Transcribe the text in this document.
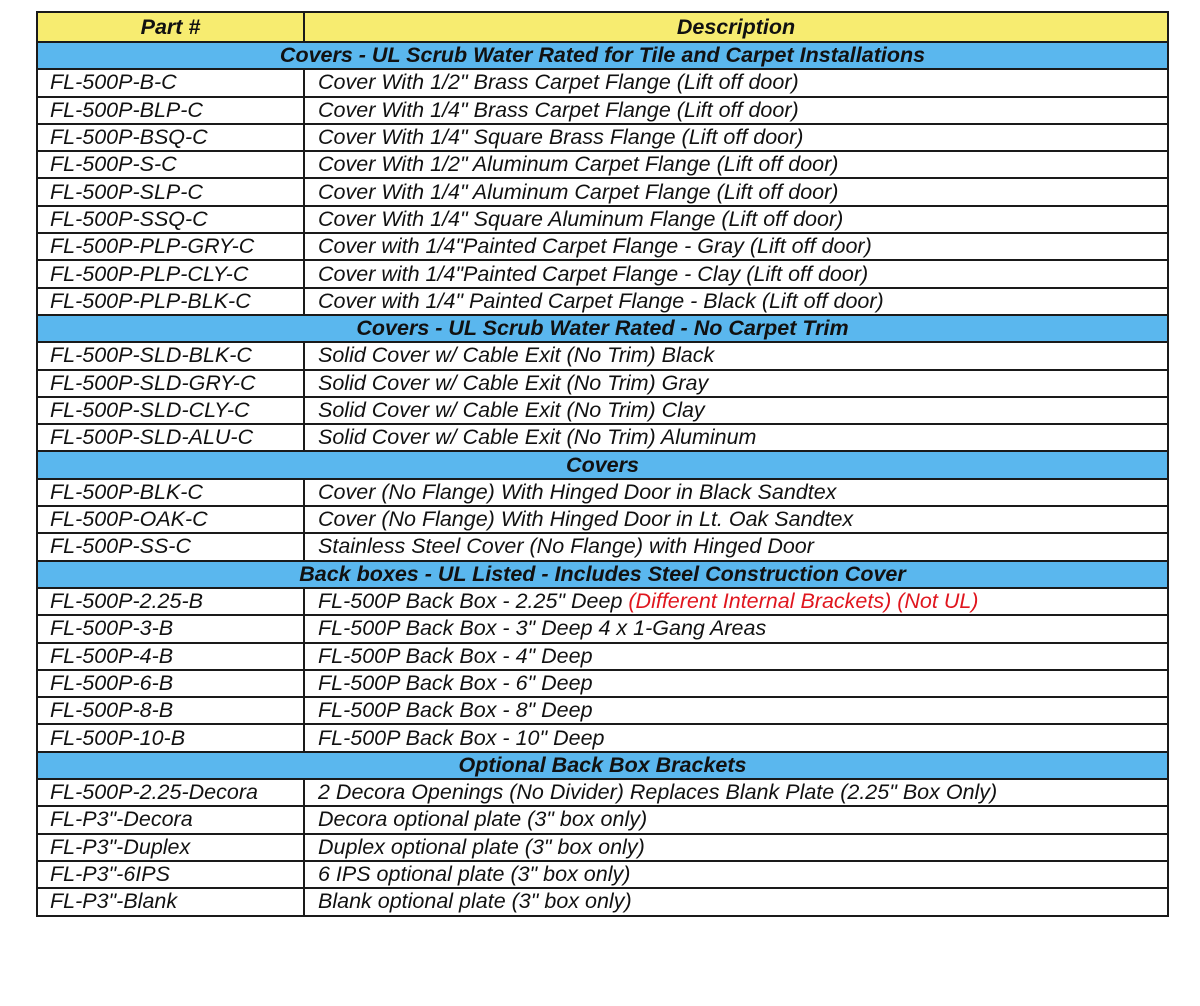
Part #	Description
Covers - UL Scrub Water Rated for Tile and Carpet Installations	
FL-500P-B-C	Cover With 1/2" Brass Carpet Flange (Lift off door)
FL-500P-BLP-C	Cover With 1/4" Brass Carpet Flange (Lift off door)
FL-500P-BSQ-C	Cover With 1/4" Square Brass Flange (Lift off door)
FL-500P-S-C	Cover With 1/2" Aluminum Carpet Flange (Lift off door)
FL-500P-SLP-C	Cover With 1/4" Aluminum Carpet Flange (Lift off door)
FL-500P-SSQ-C	Cover With 1/4" Square Aluminum Flange (Lift off door)
FL-500P-PLP-GRY-C	Cover with 1/4"Painted Carpet Flange - Gray (Lift off door)
FL-500P-PLP-CLY-C	Cover with 1/4"Painted Carpet Flange - Clay (Lift off door)
FL-500P-PLP-BLK-C	Cover with 1/4" Painted Carpet Flange - Black (Lift off door)
Covers - UL Scrub Water Rated - No Carpet Trim	
FL-500P-SLD-BLK-C	Solid Cover w/ Cable Exit (No Trim) Black
FL-500P-SLD-GRY-C	Solid Cover w/ Cable Exit (No Trim) Gray
FL-500P-SLD-CLY-C	Solid Cover w/ Cable Exit (No Trim) Clay
FL-500P-SLD-ALU-C	Solid Cover w/ Cable Exit (No Trim) Aluminum
Covers	
FL-500P-BLK-C	Cover (No Flange) With Hinged Door in Black Sandtex
FL-500P-OAK-C	Cover (No Flange) With Hinged Door in Lt. Oak Sandtex
FL-500P-SS-C	Stainless Steel Cover (No Flange) with Hinged Door
Back boxes - UL Listed - Includes Steel Construction Cover	
FL-500P-2.25-B	FL-500P Back Box - 2.25" Deep (Different Internal Brackets) (Not UL)
FL-500P-3-B	FL-500P Back Box - 3" Deep 4 x 1-Gang Areas
FL-500P-4-B	FL-500P Back Box - 4" Deep
FL-500P-6-B	FL-500P Back Box - 6" Deep
FL-500P-8-B	FL-500P Back Box - 8" Deep
FL-500P-10-B	FL-500P Back Box - 10" Deep
Optional Back Box Brackets	
FL-500P-2.25-Decora	2 Decora Openings (No Divider) Replaces Blank Plate (2.25" Box Only)
FL-P3"-Decora	Decora optional plate (3" box only)
FL-P3"-Duplex	Duplex optional plate (3" box only)
FL-P3"-6IPS	6 IPS optional plate (3" box only)
FL-P3"-Blank	Blank optional plate (3" box only)
